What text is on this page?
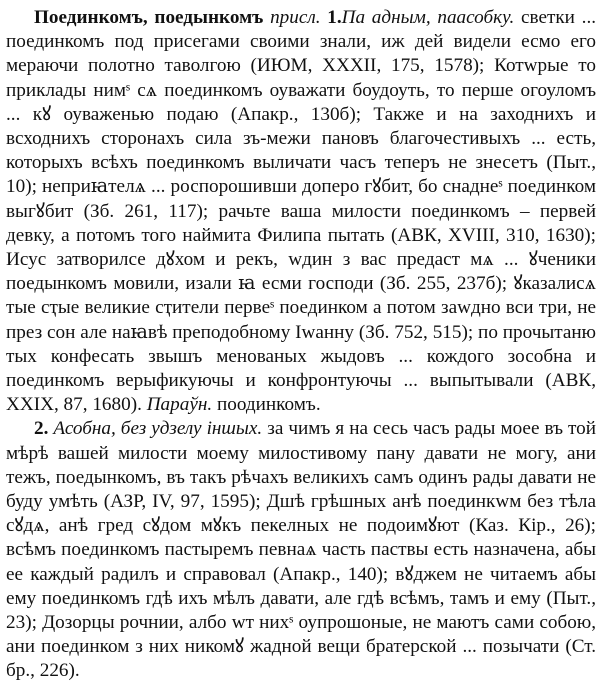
Поединкомъ, поедынкомъ присл. 1.Па адным, паасобку. светки ... поединкомъ под присегами своими знали, иж дей видели есмо его мераючи полотно таволгою (ИЮМ, XXXII, 175, 1578); Котwрые то приклады нимˢ сѧ поединкомъ оуважати боудоуть, то перше огоуломъ ... кꙋ оуваженью подаю (Апакр., 130б); Также и на заходнихъ и всходнихъ сторонахъ сила зъ-межи пановъ благочестивыхъ ... есть, которыхъ всѣхъ поединкомъ выличати часъ теперъ не знесетъ (Пыт., 10); неприꙗтелѧ ... роспорошивши доперо гꙋбит, бо снаднеˢ поединком выгꙋбит (Зб. 261, 117); рачьте ваша милости поединкомъ – первей девку, а потомъ того наймита Филипа пытать (АВК, XVIII, 310, 1630); Исус затворилсе дꙋхом и рекъ, wдин з вас предаст мѧ ... ꙋченики поедынкомъ мовили, изали ꙗ есми господи (Зб. 255, 237б); ꙋказалисѧ тые сҭые великие сҭители первеˢ поединком а потом заwдно вси три, не през сон але наꙗвѣ преподобному Іwанну (Зб. 752, 515); по прочытаню тых конфесать звышъ менованых жыдовъ ... кождого зособна и поединкомъ верыфикуючы и конфронтуючы ... выпытывали (АВК, XXIX, 87, 1680). Параўн. поодинкомъ.

2. Асобна, без удзелу іншых. за чимъ я на сесь часъ рады моее въ той мѣрѣ вашей милости моему милостивому пану давати не могу, ани тежъ, поедынкомъ, въ такъ рѣчахъ великихъ самъ одинъ рады давати не буду умѣть (АЗР, IV, 97, 1595); Дшѣ грѣшных анѣ поединкwм без тѣла сꙋдѧ, анѣ гред сꙋдом мꙋкъ пекелных не подоимꙋют (Каз. Кір., 26); всѣмъ поединкомъ пастыремъ певнаѧ часть паствы есть назначена, абы ее каждый радилъ и справовал (Апакр., 140); вꙋджем не читаемъ абы ему поединкомъ гдѣ ихъ мѣлъ давати, але гдѣ всѣмъ, тамъ и ему (Пыт., 23); Дозорцы рочнии, албо wт нихˢ оупрошоные, не маютъ сами собою, ани поединком з них никомꙋ жадной вещи братерской ... позычати (Ст. бр., 226).
